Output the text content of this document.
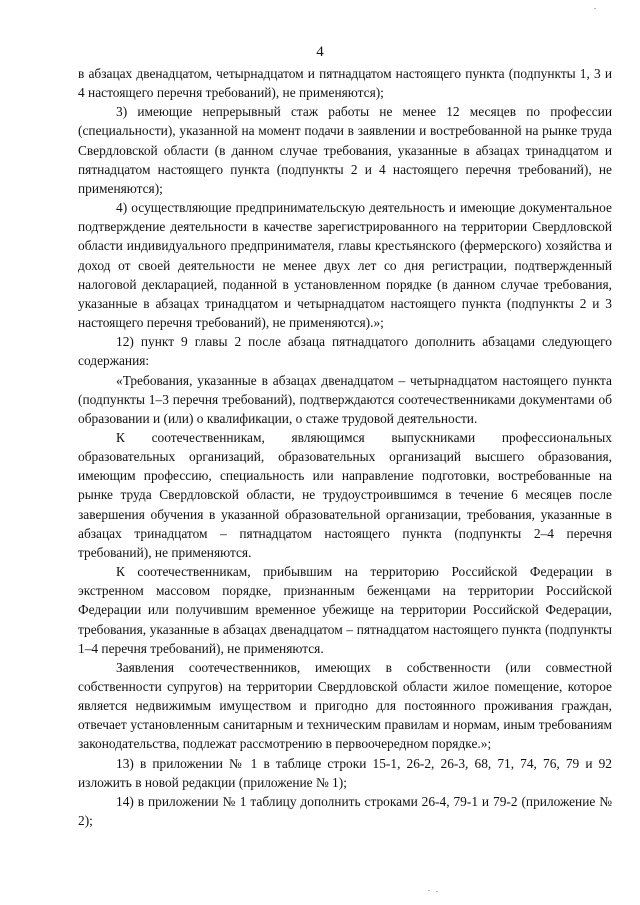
4

в абзацах двенадцатом, четырнадцатом и пятнадцатом настоящего пункта (подпункты 1, 3 и 4 настоящего перечня требований), не применяются);

3) имеющие непрерывный стаж работы не менее 12 месяцев по профессии (специальности), указанной на момент подачи в заявлении и востребованной на рынке труда Свердловской области (в данном случае требования, указанные в абзацах тринадцатом и пятнадцатом настоящего пункта (подпункты 2 и 4 настоящего перечня требований), не применяются);

4) осуществляющие предпринимательскую деятельность и имеющие документальное подтверждение деятельности в качестве зарегистрированного на территории Свердловской области индивидуального предпринимателя, главы крестьянского (фермерского) хозяйства и доход от своей деятельности не менее двух лет со дня регистрации, подтвержденный налоговой декларацией, поданной в установленном порядке (в данном случае требования, указанные в абзацах тринадцатом и четырнадцатом настоящего пункта (подпункты 2 и 3 настоящего перечня требований), не применяются).»;

12) пункт 9 главы 2 после абзаца пятнадцатого дополнить абзацами следующего содержания:

«Требования, указанные в абзацах двенадцатом – четырнадцатом настоящего пункта (подпункты 1–3 перечня требований), подтверждаются соотечественниками документами об образовании и (или) о квалификации, о стаже трудовой деятельности.

К соотечественникам, являющимся выпускниками профессиональных образовательных организаций, образовательных организаций высшего образования, имеющим профессию, специальность или направление подготовки, востребованные на рынке труда Свердловской области, не трудоустроившимся в течение 6 месяцев после завершения обучения в указанной образовательной организации, требования, указанные в абзацах тринадцатом – пятнадцатом настоящего пункта (подпункты 2–4 перечня требований), не применяются.

К соотечественникам, прибывшим на территорию Российской Федерации в экстренном массовом порядке, признанным беженцами на территории Российской Федерации или получившим временное убежище на территории Российской Федерации, требования, указанные в абзацах двенадцатом – пятнадцатом настоящего пункта (подпункты 1–4 перечня требований), не применяются.

Заявления соотечественников, имеющих в собственности (или совместной собственности супругов) на территории Свердловской области жилое помещение, которое является недвижимым имуществом и пригодно для постоянного проживания граждан, отвечает установленным санитарным и техническим правилам и нормам, иным требованиям законодательства, подлежат рассмотрению в первоочередном порядке.»;

13) в приложении № 1 в таблице строки 15-1, 26-2, 26-3, 68, 71, 74, 76, 79 и 92 изложить в новой редакции (приложение № 1);

14) в приложении № 1 таблицу дополнить строками 26-4, 79-1 и 79-2 (приложение № 2);
